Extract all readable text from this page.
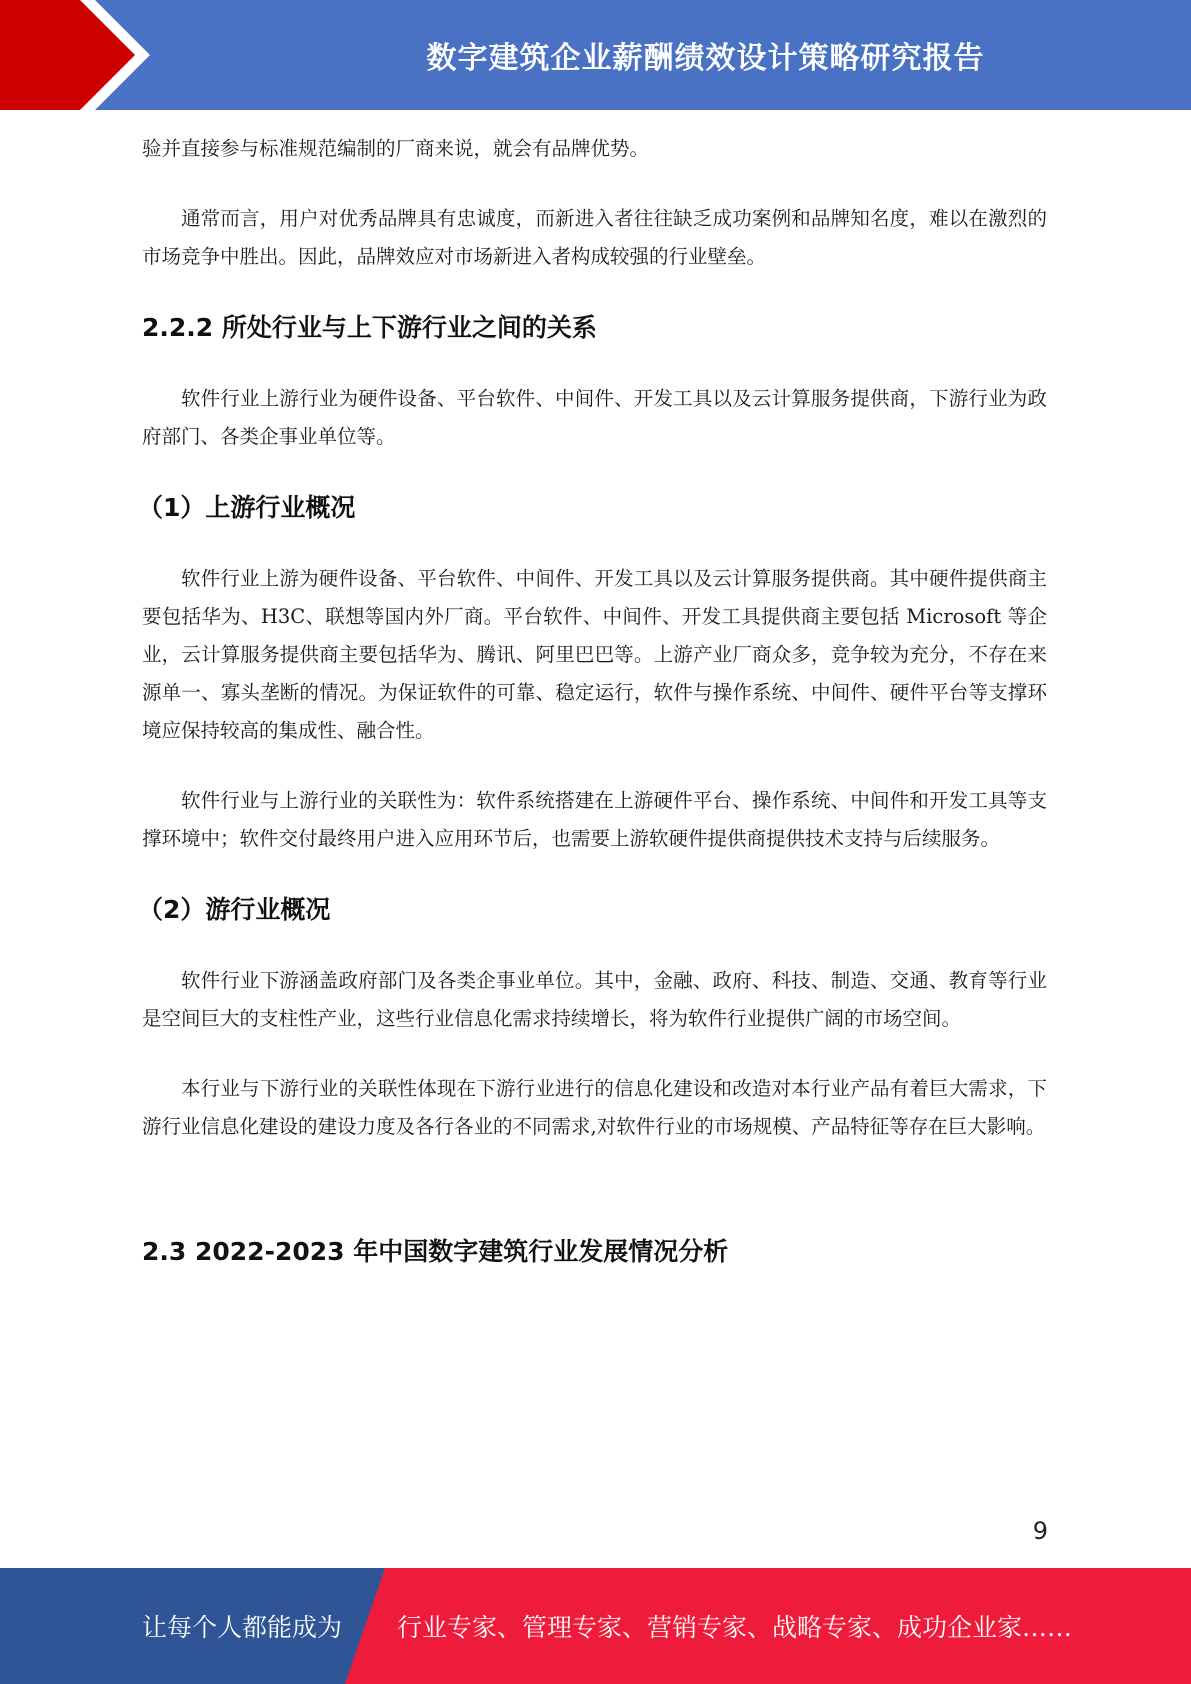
数字建筑企业薪酬绩效设计策略研究报告

验并直接参与标准规范编制的厂商来说，就会有品牌优势。

通常而言，用户对优秀品牌具有忠诚度，而新进入者往往缺乏成功案例和品牌知名度，难以在激烈的市场竞争中胜出。因此，品牌效应对市场新进入者构成较强的行业壁垒。

2.2.2 所处行业与上下游行业之间的关系

软件行业上游行业为硬件设备、平台软件、中间件、开发工具以及云计算服务提供商，下游行业为政府部门、各类企事业单位等。

（1）上游行业概况

软件行业上游为硬件设备、平台软件、中间件、开发工具以及云计算服务提供商。其中硬件提供商主要包括华为、H3C、联想等国内外厂商。平台软件、中间件、开发工具提供商主要包括 Microsoft 等企业，云计算服务提供商主要包括华为、腾讯、阿里巴巴等。上游产业厂商众多，竞争较为充分，不存在来源单一、寡头垄断的情况。为保证软件的可靠、稳定运行，软件与操作系统、中间件、硬件平台等支撑环境应保持较高的集成性、融合性。

软件行业与上游行业的关联性为：软件系统搭建在上游硬件平台、操作系统、中间件和开发工具等支撑环境中；软件交付最终用户进入应用环节后，也需要上游软硬件提供商提供技术支持与后续服务。

（2）游行业概况

软件行业下游涵盖政府部门及各类企事业单位。其中，金融、政府、科技、制造、交通、教育等行业是空间巨大的支柱性产业，这些行业信息化需求持续增长，将为软件行业提供广阔的市场空间。

本行业与下游行业的关联性体现在下游行业进行的信息化建设和改造对本行业产品有着巨大需求，下游行业信息化建设的建设力度及各行各业的不同需求,对软件行业的市场规模、产品特征等存在巨大影响。

2.3 2022-2023 年中国数字建筑行业发展情况分析
9
让每个人都能成为 行业专家、管理专家、营销专家、战略专家、成功企业家……
